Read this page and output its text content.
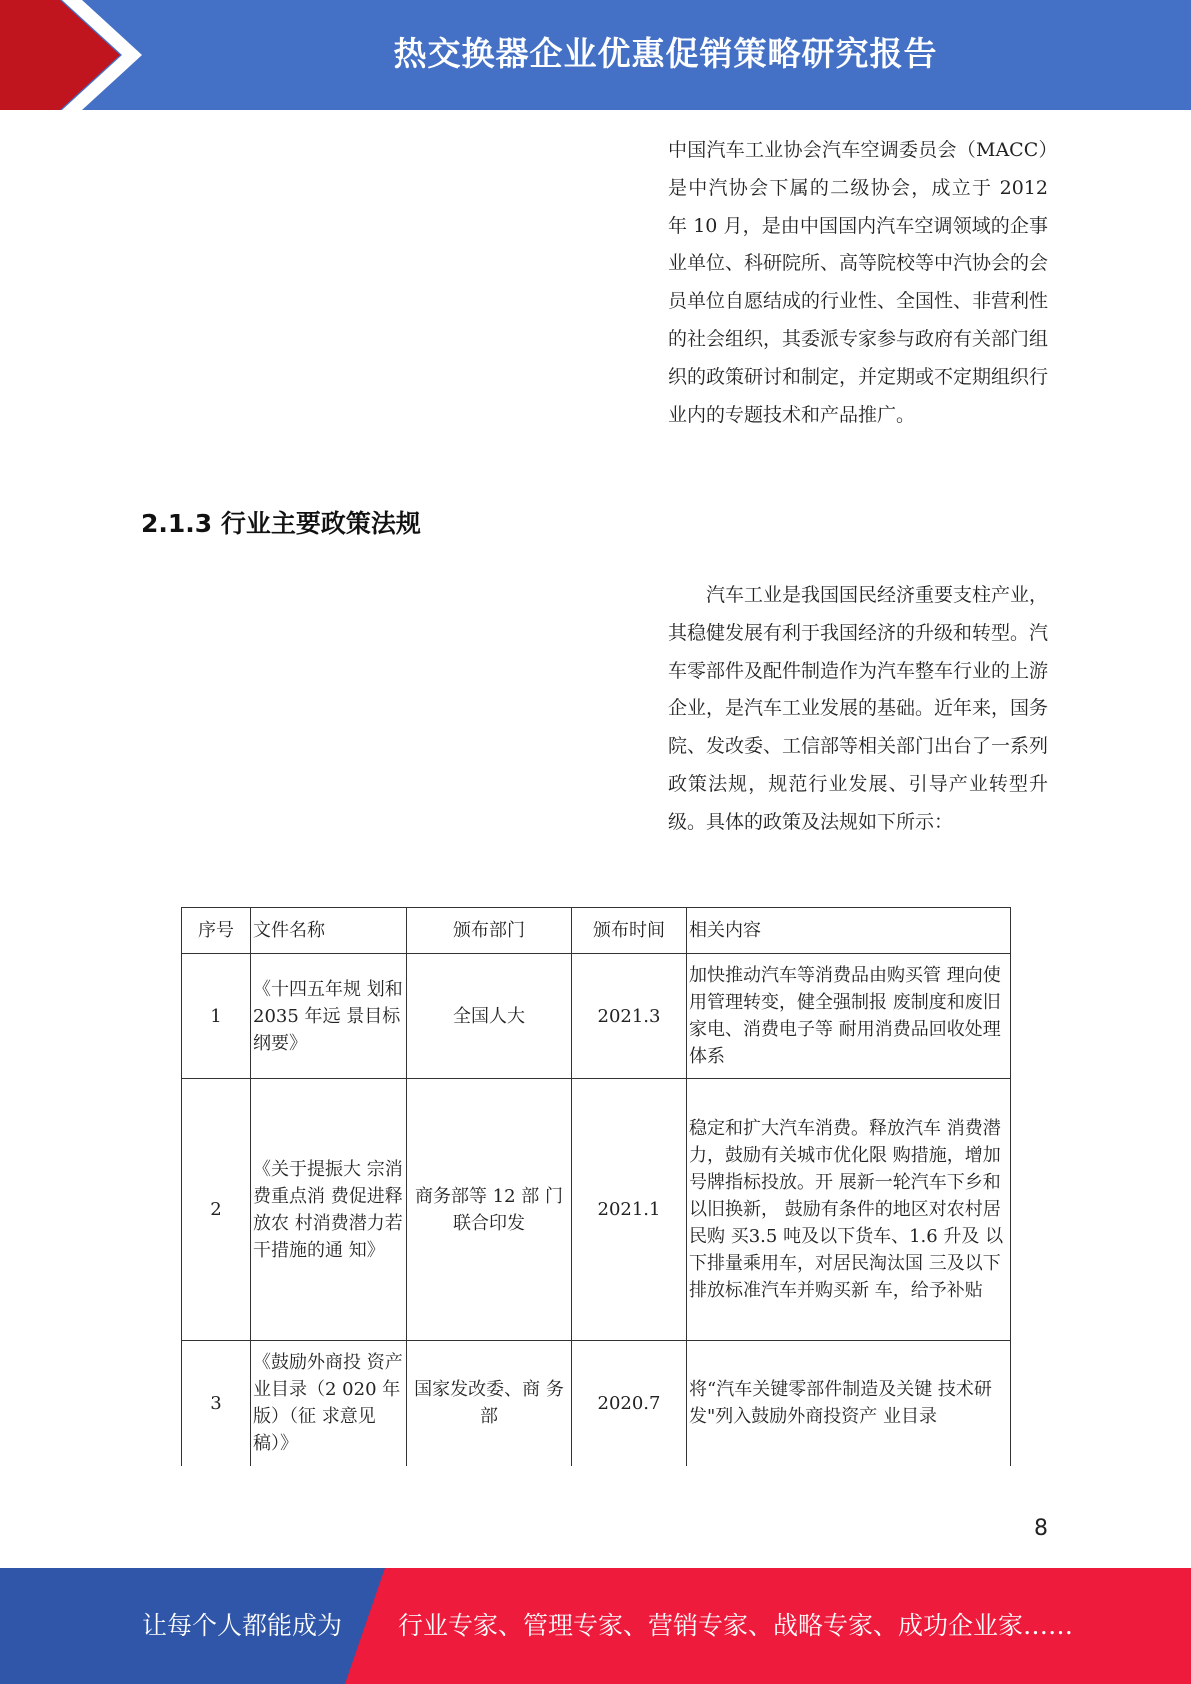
热交换器企业优惠促销策略研究报告

中国汽车工业协会汽车空调委员会（MACC）是中汽协会下属的二级协会，成立于 2012 年 10 月，是由中国国内汽车空调领域的企事业单位、科研院所、高等院校等中汽协会的会员单位自愿结成的行业性、全国性、非营利性的社会组织，其委派专家参与政府有关部门组织的政策研讨和制定，并定期或不定期组织行业内的专题技术和产品推广。

2.1.3 行业主要政策法规

汽车工业是我国国民经济重要支柱产业，其稳健发展有利于我国经济的升级和转型。汽车零部件及配件制造作为汽车整车行业的上游企业，是汽车工业发展的基础。近年来，国务院、发改委、工信部等相关部门出台了一系列政策法规，规范行业发展、引导产业转型升级。具体的政策及法规如下所示：

序号	文件名称	颁布部门	颁布时间	相关内容
1	《十四五年规 划和 2035 年远 景目标纲要》	全国人大	2021.3	加快推动汽车等消费品由购买管 理向使用管理转变，健全强制报 废制度和废旧家电、消费电子等 耐用消费品回收处理体系
2	《关于提振大 宗消费重点消 费促进释放农 村消费潜力若干措施的通 知》	商务部等 12 部 门联合印发	2021.1	稳定和扩大汽车消费。释放汽车 消费潜力，鼓励有关城市优化限 购措施，增加号牌指标投放。开 展新一轮汽车下乡和以旧换新， 鼓励有条件的地区对农村居民购 买3.5 吨及以下货车、1.6 升及 以下排量乘用车，对居民淘汰国 三及以下排放标准汽车并购买新 车，给予补贴
3	《鼓励外商投 资产业目录（2 020 年版）（征 求意见稿）》	国家发改委、商 务部	2020.7	将“汽车关键零部件制造及关键 技术研发"列入鼓励外商投资产 业目录
8
让每个人都能成为 行业专家、管理专家、营销专家、战略专家、成功企业家……
